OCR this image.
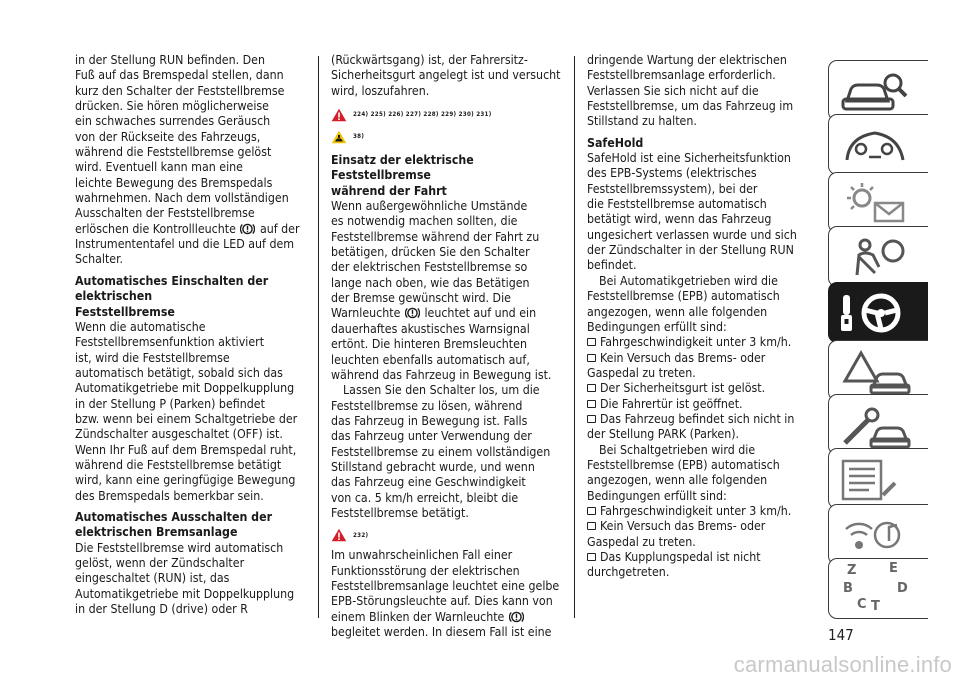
in der Stellung RUN befinden. Den
Fuß auf das Bremspedal stellen, dann
kurz den Schalter der Feststellbremse
drücken. Sie hören möglicherweise
ein schwaches surrendes Geräusch
von der Rückseite des Fahrzeugs,
während die Feststellbremse gelöst
wird. Eventuell kann man eine
leichte Bewegung des Bremspedals
wahrnehmen. Nach dem vollständigen
Ausschalten der Feststellbremse
erlöschen die Kontrollleuchte auf der
Instrumententafel und die LED auf dem
Schalter.

Automatisches Einschalten der elektrischen
Feststellbremse

Wenn die automatische
Feststellbremsenfunktion aktiviert
ist, wird die Feststellbremse
automatisch betätigt, sobald sich das
Automatikgetriebe mit Doppelkupplung
in der Stellung P (Parken) befindet
bzw. wenn bei einem Schaltgetriebe der
Zündschalter ausgeschaltet (OFF) ist.
Wenn Ihr Fuß auf dem Bremspedal ruht,
während die Feststellbremse betätigt
wird, kann eine geringfügige Bewegung
des Bremspedals bemerkbar sein.

Automatisches Ausschalten der
elektrischen Bremsanlage

Die Feststellbremse wird automatisch
gelöst, wenn der Zündschalter
eingeschaltet (RUN) ist, das
Automatikgetriebe mit Doppelkupplung
in der Stellung D (drive) oder R

(Rückwärtsgang) ist, der Fahrersitz-
Sicherheitsgurt angelegt ist und versucht
wird, loszufahren.

224) 225) 226) 227) 228) 229) 230) 231)
38)
Einsatz der elektrische Feststellbremse
während der Fahrt

Wenn außergewöhnliche Umstände
es notwendig machen sollten, die
Feststellbremse während der Fahrt zu
betätigen, drücken Sie den Schalter
der elektrischen Feststellbremse so
lange nach oben, wie das Betätigen
der Bremse gewünscht wird. Die
Warnleuchte leuchtet auf und ein
dauerhaftes akustisches Warnsignal
ertönt. Die hinteren Bremsleuchten
leuchten ebenfalls automatisch auf,
während das Fahrzeug in Bewegung ist.

Lassen Sie den Schalter los, um die
Feststellbremse zu lösen, während
das Fahrzeug in Bewegung ist. Falls
das Fahrzeug unter Verwendung der
Feststellbremse zu einem vollständigen
Stillstand gebracht wurde, und wenn
das Fahrzeug eine Geschwindigkeit
von ca. 5 km/h erreicht, bleibt die
Feststellbremse betätigt.

232)

Im unwahrscheinlichen Fall einer
Funktionsstörung der elektrischen
Feststellbremsanlage leuchtet eine gelbe
EPB-Störungsleuchte auf. Dies kann von
einem Blinken der Warnleuchte
begleitet werden. In diesem Fall ist eine

dringende Wartung der elektrischen
Feststellbremsanlage erforderlich.
Verlassen Sie sich nicht auf die
Feststellbremse, um das Fahrzeug im
Stillstand zu halten.

SafeHold

SafeHold ist eine Sicherheitsfunktion
des EPB-Systems (elektrisches
Feststellbremssystem), bei der
die Feststellbremse automatisch
betätigt wird, wenn das Fahrzeug
ungesichert verlassen wurde und sich
der Zündschalter in der Stellung RUN
befindet.

Bei Automatikgetrieben wird die
Feststellbremse (EPB) automatisch
angezogen, wenn alle folgenden
Bedingungen erfüllt sind:

Fahrgeschwindigkeit unter 3 km/h.
Kein Versuch das Brems- oder
Gaspedal zu treten.
Der Sicherheitsgurt ist gelöst.
Die Fahrertür ist geöffnet.
Das Fahrzeug befindet sich nicht in
der Stellung PARK (Parken).

Bei Schaltgetrieben wird die
Feststellbremse (EPB) automatisch
angezogen, wenn alle folgenden
Bedingungen erfüllt sind:

Fahrgeschwindigkeit unter 3 km/h.
Kein Versuch das Brems- oder
Gaspedal zu treten.
Das Kupplungspedal ist nicht
durchgetreten.	Z	E
B	D
C T
147
carmanualsonline.info
